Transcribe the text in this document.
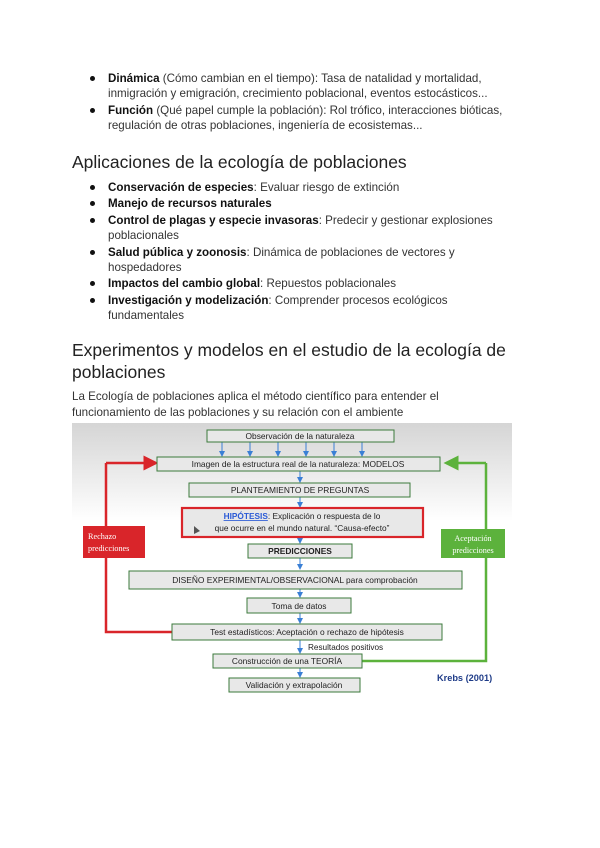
Dinámica (Cómo cambian en el tiempo): Tasa de natalidad y mortalidad, inmigración y emigración, crecimiento poblacional, eventos estocásticos...
Función (Qué papel cumple la población): Rol trófico, interacciones bióticas, regulación de otras poblaciones, ingeniería de ecosistemas...
Aplicaciones de la ecología de poblaciones
Conservación de especies: Evaluar riesgo de extinción
Manejo de recursos naturales
Control de plagas y especie invasoras: Predecir y gestionar explosiones poblacionales
Salud pública y zoonosis: Dinámica de poblaciones de vectores y hospedadores
Impactos del cambio global: Repuestos poblacionales
Investigación y modelización: Comprender procesos ecológicos fundamentales
Experimentos y modelos en el estudio de la ecología de poblaciones

La Ecología de poblaciones aplica el método científico para entender el funcionamiento de las poblaciones y su relación con el ambiente

Observación de la naturaleza
Imagen de la estructura real de la naturaleza: MODELOS
PLANTEAMIENTO DE PREGUNTAS
HIPÓTESIS: Explicación o respuesta de lo
que ocurre en el mundo natural. “Causa-efecto”
PREDICCIONES
DISEÑO EXPERIMENTAL/OBSERVACIONAL para comprobación
Toma de datos
Test estadísticos: Aceptación o rechazo de hipótesis
Resultados positivos
Construcción de una TEORÍA
Validación y extrapolación
Rechazo
predicciones
Aceptación
predicciones
Krebs (2001)
